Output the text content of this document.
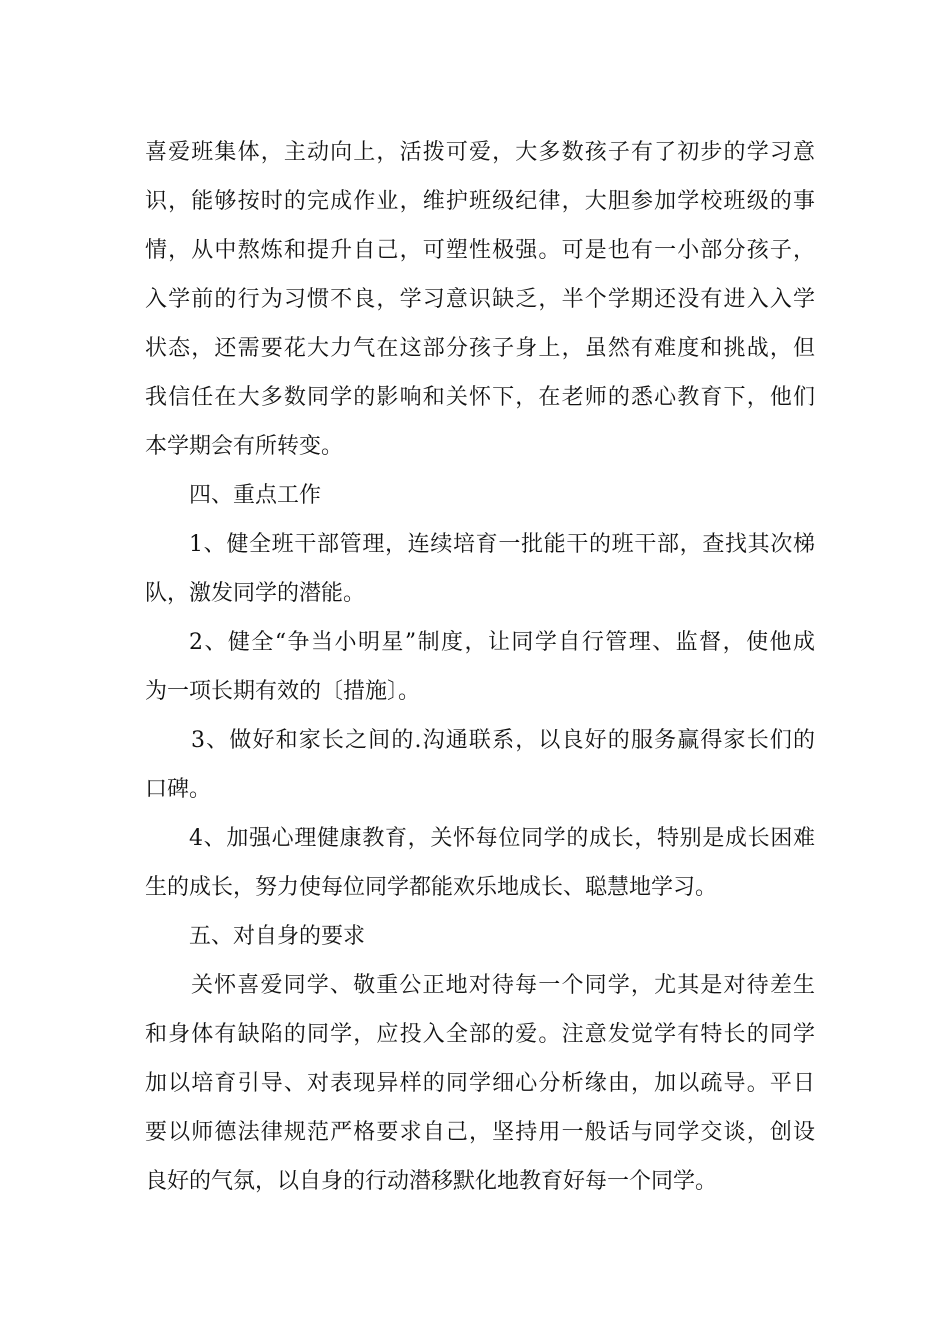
喜爱班集体，主动向上，活拨可爱，大多数孩子有了初步的学习意
识，能够按时的完成作业，维护班级纪律，大胆参加学校班级的事
情，从中熬炼和提升自己，可塑性极强。可是也有一小部分孩子，
入学前的行为习惯不良，学习意识缺乏，半个学期还没有进入入学
状态，还需要花大力气在这部分孩子身上，虽然有难度和挑战，但
我信任在大多数同学的影响和关怀下，在老师的悉心教育下，他们
本学期会有所转变。
四、重点工作
1、健全班干部管理，连续培育一批能干的班干部，查找其次梯
队，激发同学的潜能。
2、健全“争当小明星”制度，让同学自行管理、监督，使他成
为一项长期有效的〔措施〕。
3、做好和家长之间的.沟通联系，以良好的服务赢得家长们的
口碑。
4、加强心理健康教育，关怀每位同学的成长，特别是成长困难
生的成长，努力使每位同学都能欢乐地成长、聪慧地学习。
五、对自身的要求
关怀喜爱同学、敬重公正地对待每一个同学，尤其是对待差生
和身体有缺陷的同学，应投入全部的爱。注意发觉学有特长的同学
加以培育引导、对表现异样的同学细心分析缘由，加以疏导。平日
要以师德法律规范严格要求自己，坚持用一般话与同学交谈，创设
良好的气氛，以自身的行动潜移默化地教育好每一个同学。
